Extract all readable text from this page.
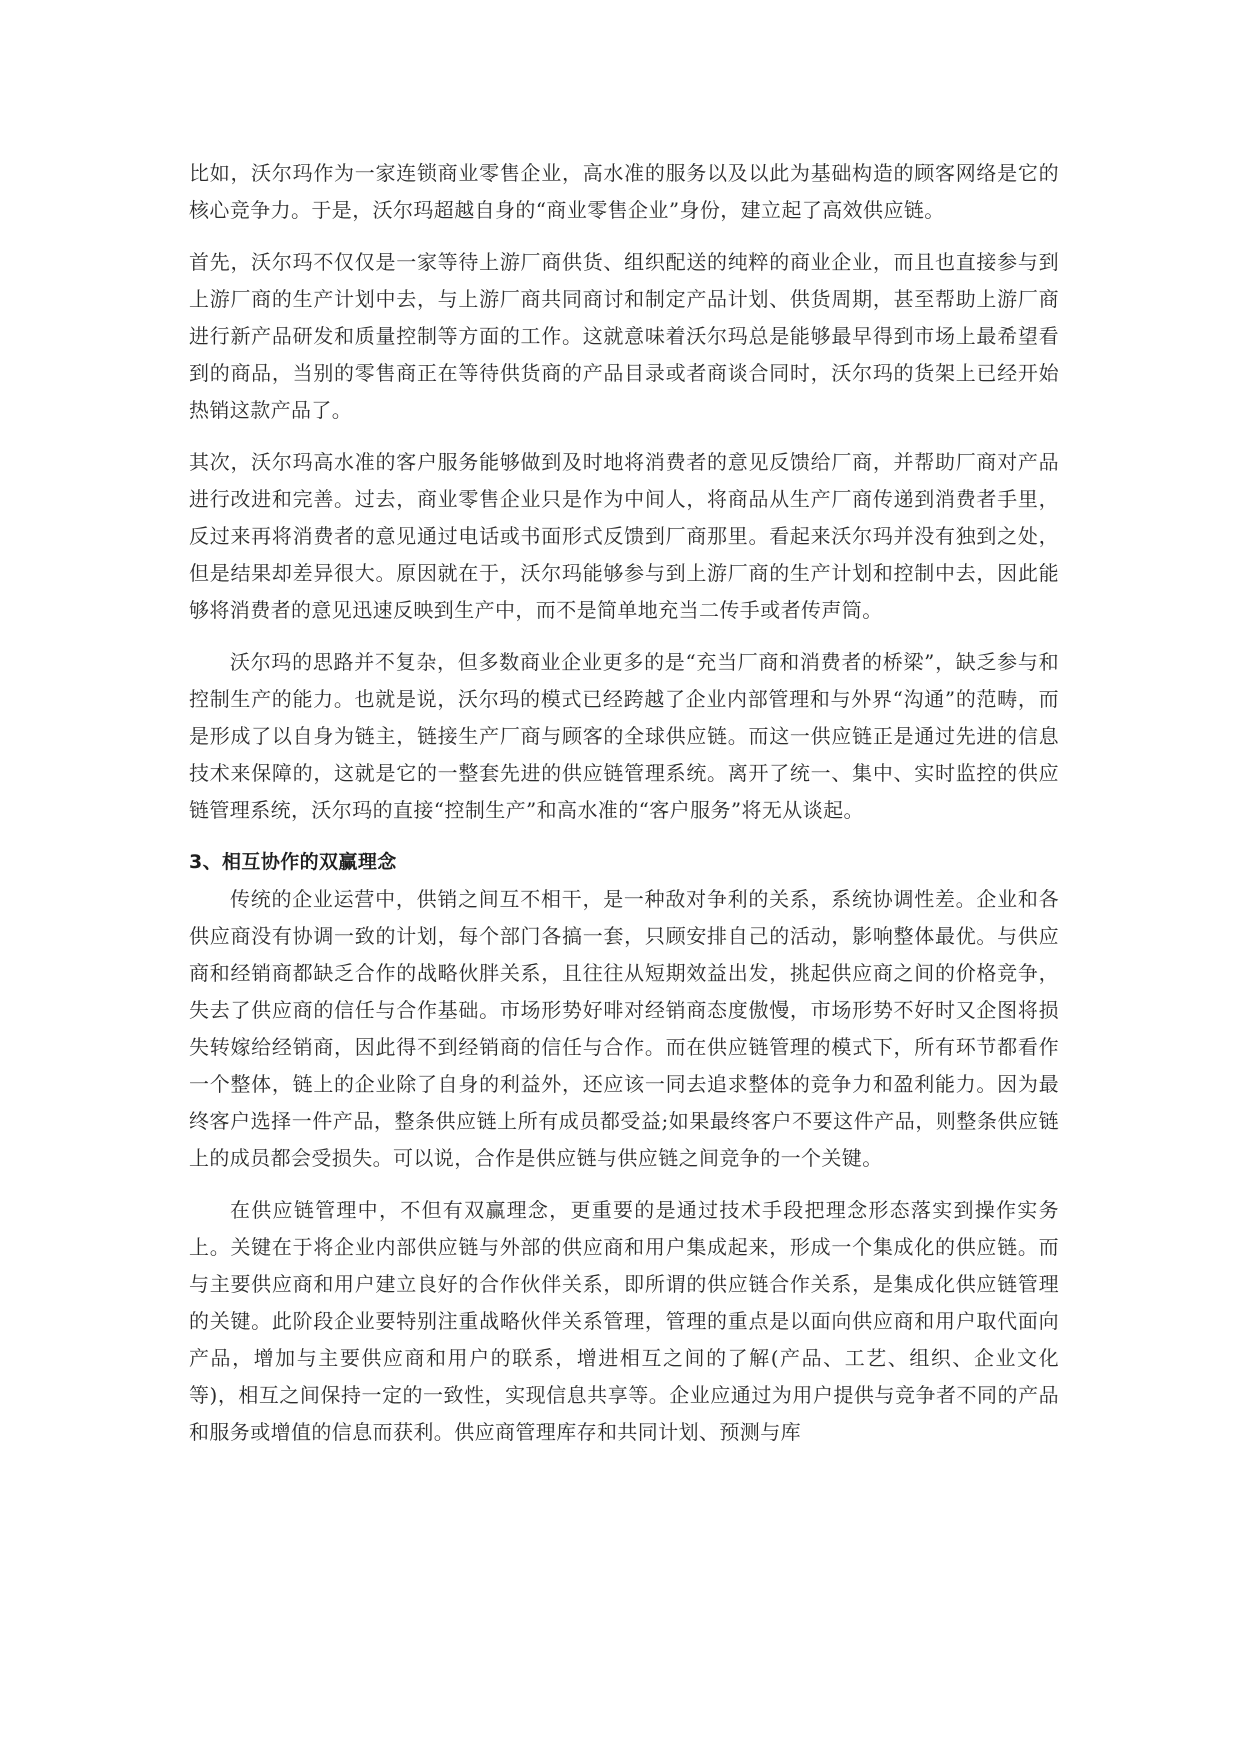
比如，沃尔玛作为一家连锁商业零售企业，高水准的服务以及以此为基础构造的顾客网络是它的核心竞争力。于是，沃尔玛超越自身的“商业零售企业”身份，建立起了高效供应链。

首先，沃尔玛不仅仅是一家等待上游厂商供货、组织配送的纯粹的商业企业，而且也直接参与到上游厂商的生产计划中去，与上游厂商共同商讨和制定产品计划、供货周期，甚至帮助上游厂商进行新产品研发和质量控制等方面的工作。这就意味着沃尔玛总是能够最早得到市场上最希望看到的商品，当别的零售商正在等待供货商的产品目录或者商谈合同时，沃尔玛的货架上已经开始热销这款产品了。

其次，沃尔玛高水准的客户服务能够做到及时地将消费者的意见反馈给厂商，并帮助厂商对产品进行改进和完善。过去，商业零售企业只是作为中间人，将商品从生产厂商传递到消费者手里，反过来再将消费者的意见通过电话或书面形式反馈到厂商那里。看起来沃尔玛并没有独到之处，但是结果却差异很大。原因就在于，沃尔玛能够参与到上游厂商的生产计划和控制中去，因此能够将消费者的意见迅速反映到生产中，而不是简单地充当二传手或者传声筒。

沃尔玛的思路并不复杂，但多数商业企业更多的是“充当厂商和消费者的桥梁”，缺乏参与和控制生产的能力。也就是说，沃尔玛的模式已经跨越了企业内部管理和与外界“沟通”的范畴，而是形成了以自身为链主，链接生产厂商与顾客的全球供应链。而这一供应链正是通过先进的信息技术来保障的，这就是它的一整套先进的供应链管理系统。离开了统一、集中、实时监控的供应链管理系统，沃尔玛的直接“控制生产”和高水准的“客户服务”将无从谈起。

3、相互协作的双赢理念

传统的企业运营中，供销之间互不相干，是一种敌对争利的关系，系统协调性差。企业和各供应商没有协调一致的计划，每个部门各搞一套，只顾安排自己的活动，影响整体最优。与供应商和经销商都缺乏合作的战略伙胖关系，且往往从短期效益出发，挑起供应商之间的价格竞争，失去了供应商的信任与合作基础。市场形势好啡对经销商态度傲慢，市场形势不好时又企图将损失转嫁给经销商，因此得不到经销商的信任与合作。而在供应链管理的模式下，所有环节都看作一个整体，链上的企业除了自身的利益外，还应该一同去追求整体的竞争力和盈利能力。因为最终客户选择一件产品，整条供应链上所有成员都受益;如果最终客户不要这件产品，则整条供应链上的成员都会受损失。可以说，合作是供应链与供应链之间竞争的一个关键。

在供应链管理中，不但有双赢理念，更重要的是通过技术手段把理念形态落实到操作实务上。关键在于将企业内部供应链与外部的供应商和用户集成起来，形成一个集成化的供应链。而与主要供应商和用户建立良好的合作伙伴关系，即所谓的供应链合作关系，是集成化供应链管理的关键。此阶段企业要特别注重战略伙伴关系管理，管理的重点是以面向供应商和用户取代面向产品，增加与主要供应商和用户的联系，增进相互之间的了解(产品、工艺、组织、企业文化等)，相互之间保持一定的一致性，实现信息共享等。企业应通过为用户提供与竞争者不同的产品和服务或增值的信息而获利。供应商管理库存和共同计划、预测与库
